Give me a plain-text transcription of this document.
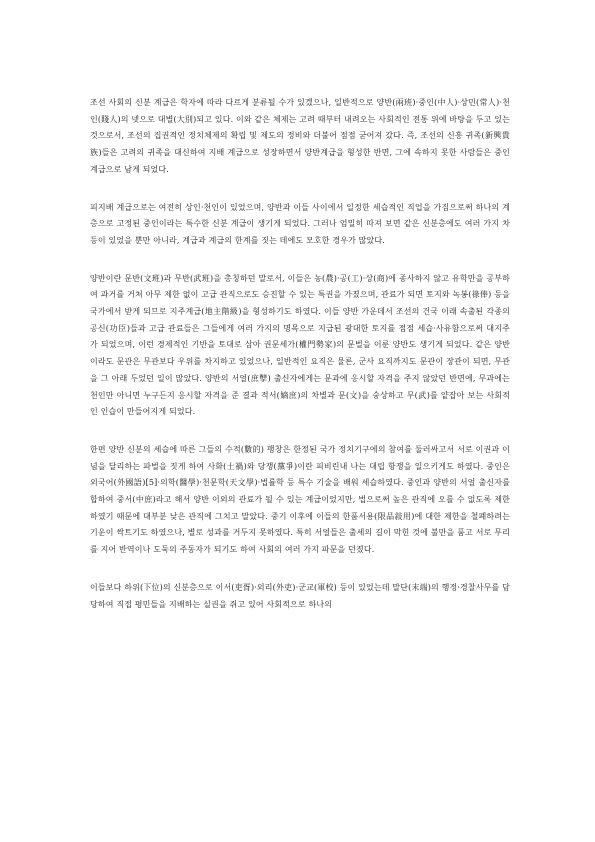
조선 사회의 신분 계급은 학자에 따라 다르게 분류될 수가 있겠으나, 일반적으로 양반(兩班)·중인(中人)·상민(常人)·천인(賤人)의 넷으로 대별(大別)되고 있다. 이와 같은 체제는 고려 때부터 내려오는 사회적인 전통 위에 바탕을 두고 있는 것으로서, 조선의 집권적인 정치체제의 확립 및 제도의 정비와 더불어 점점 굳어져 갔다. 즉, 조선의 신흥 귀족(新興貴族)들은 고려의 귀족을 대신하여 지배 계급으로 성장하면서 양반계급을 형성한 반면, 그에 속하지 못한 사람들은 중인계급으로 남게 되었다.

피지배 계급으로는 여전히 상인·천인이 있었으며, 양반과 이들 사이에서 일정한 세습적인 직업을 가짐으로써 하나의 계층으로 고정된 중인이라는 특수한 신분 계급이 생기게 되었다. 그러나 엄밀히 따져 보면 같은 신분층에도 여러 가지 차등이 있었을 뿐만 아니라, 계급과 계급의 한계를 짓는 데에도 모호한 경우가 많았다.

양반이란 문반(文班)과 무반(武班)을 총칭하던 말로서, 이들은 농(農)·공(工)·상(商)에 종사하지 않고 유학만을 공부하여 과거를 거쳐 아무 제한 없이 고급 관직으로도 승진할 수 있는 특권을 가졌으며, 관료가 되면 토지와 녹봉(祿俸) 등을 국가에서 받게 되므로 지주계급(地主階級)을 형성하기도 하였다. 이들 양반 가운데서 조선의 건국 이래 속출된 각종의 공신(功臣)들과 고급 관료들은 그들에게 여러 가지의 명목으로 지급된 광대한 토지를 점점 세습·사유함으로써 대지주가 되었으며, 이런 경제적인 기반을 토대로 삼아 권문세가(權門勢家)의 문벌을 이룬 양반도 생기게 되었다. 같은 양반이라도 문관은 무관보다 우위를 차지하고 있었으나, 일반적인 요직은 물론, 군사 요직까지도 문관이 장관이 되면, 무관을 그 아래 두었던 일이 많았다. 양반의 서얼(庶孼) 출신자에게는 문과에 응시할 자격을 주지 않았던 반면에, 무과에는 천인만 아니면 누구든지 응시할 자격을 준 결과 적서(嫡庶)의 차별과 문(文)을 숭상하고 무(武)를 얕잡아 보는 사회적인 인습이 만들어지게 되었다.

한편 양반 신분의 세습에 따른 그들의 수적(數的) 팽창은 한정된 국가 정치기구에의 참여를 둘러싸고서 서로 이권과 이념을 달리하는 파벌을 짓게 하여 사화(士禍)와 당쟁(黨爭)이란 피비린내 나는 대립 항쟁을 일으키게도 하였다. 중인은 외국어(外國語)[5]·의학(醫學)·천문학(天文學)·법률학 등 특수 기술을 배워 세습하였다. 중인과 양반의 서얼 출신자를 합하여 중서(中庶)라고 해서 양반 이외의 관료가 될 수 있는 계급이었지만, 법으로써 높은 관직에 오를 수 없도록 제한하였기 때문에 대부분 낮은 관직에 그치고 말았다. 중기 이후에 이들의 한품서용(限品敍用)에 대한 제한을 철폐하려는 기운이 싹트기도 하였으나, 별로 성과를 거두지 못하였다. 특히 서얼들은 출세의 길이 막힌 것에 불만을 품고 서로 무리를 지어 반역이나 도둑의 주동자가 되기도 하여 사회의 여러 가지 파문을 던졌다.

이들보다 하위(下位)의 신분층으로 이서(吏胥)·외리(外吏)·군교(軍校) 등이 있었는데 말단(末端)의 행정·경찰사무를 담당하여 직접 평민들을 지배하는 실권을 쥐고 있어 사회적으로 하나의
